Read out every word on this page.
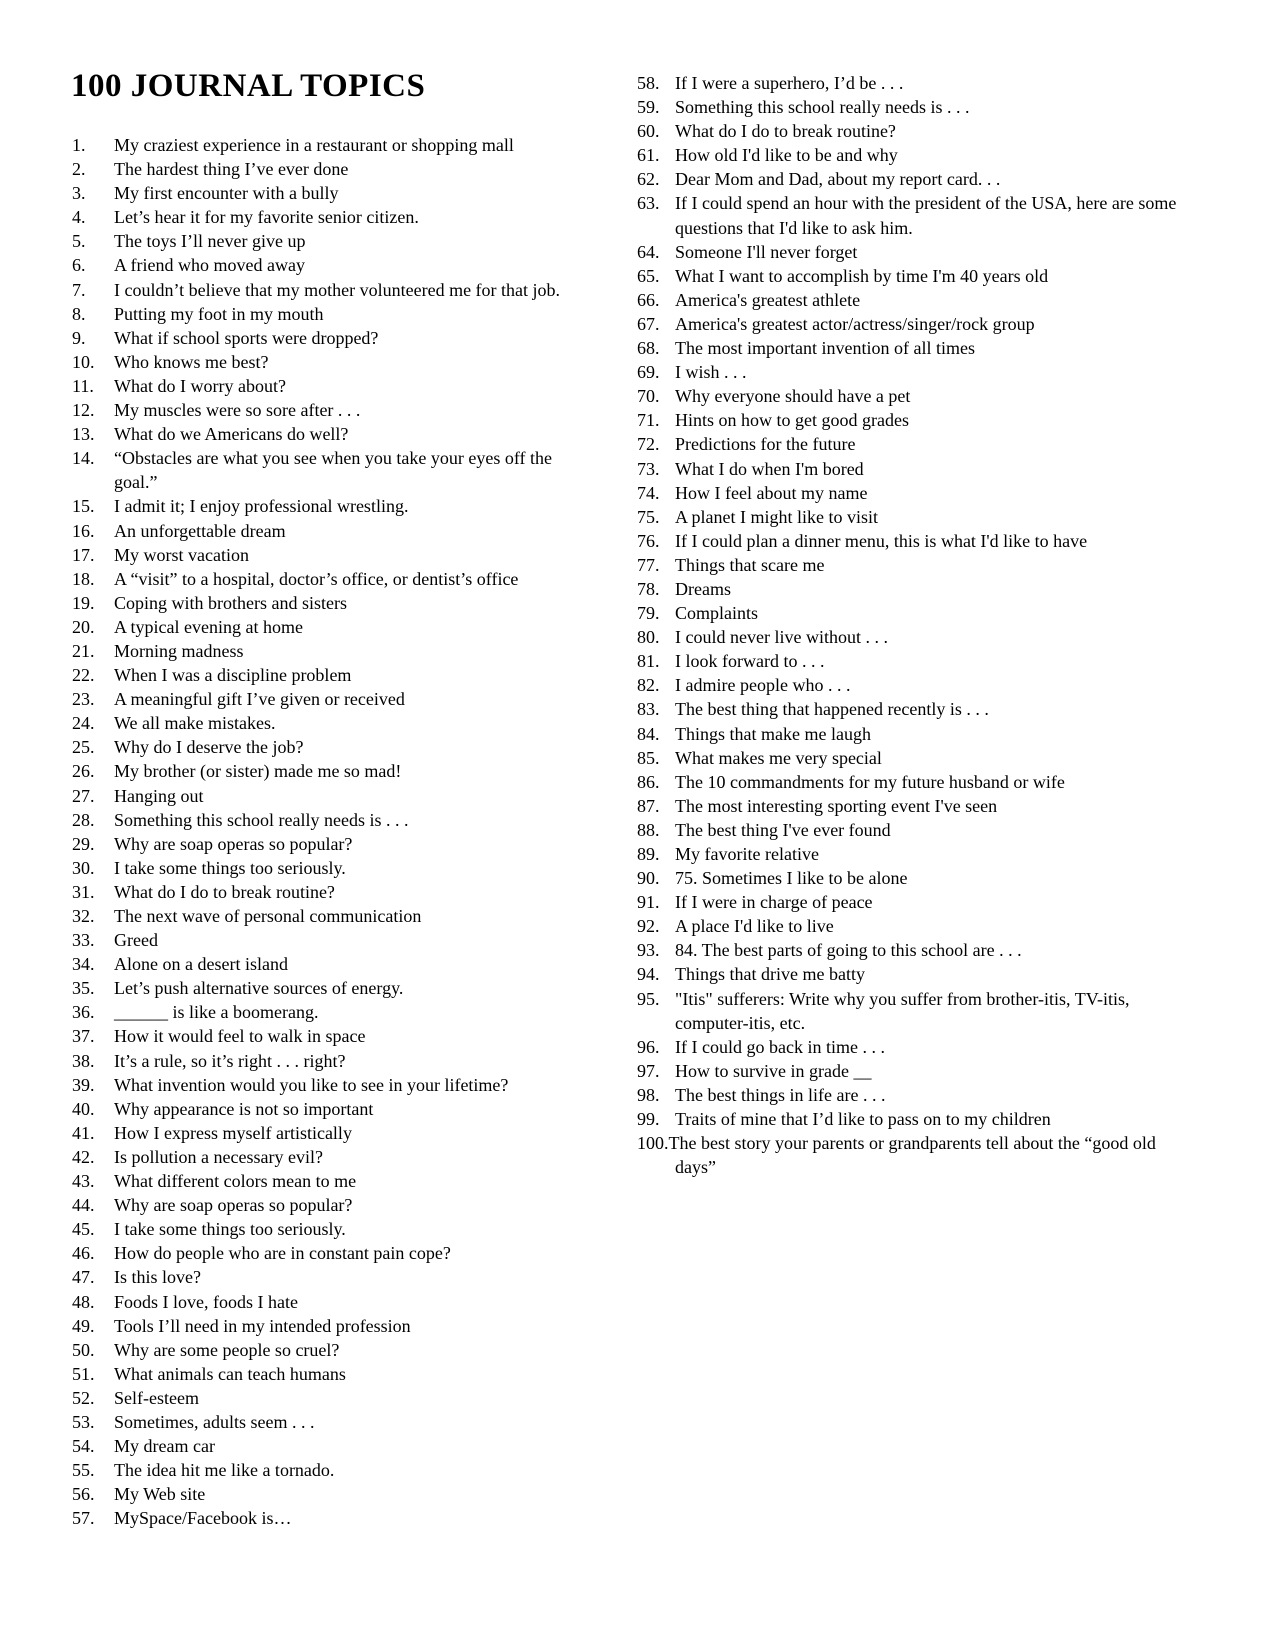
100 JOURNAL TOPICS
1. My craziest experience in a restaurant or shopping mall
2. The hardest thing I’ve ever done
3. My first encounter with a bully
4. Let’s hear it for my favorite senior citizen.
5. The toys I’ll never give up
6. A friend who moved away
7. I couldn’t believe that my mother volunteered me for that job.
8. Putting my foot in my mouth
9. What if school sports were dropped?
10. Who knows me best?
11. What do I worry about?
12. My muscles were so sore after . . .
13. What do we Americans do well?
14. “Obstacles are what you see when you take your eyes off the goal.”
15. I admit it; I enjoy professional wrestling.
16. An unforgettable dream
17. My worst vacation
18. A “visit” to a hospital, doctor’s office, or dentist’s office
19. Coping with brothers and sisters
20. A typical evening at home
21. Morning madness
22. When I was a discipline problem
23. A meaningful gift I’ve given or received
24. We all make mistakes.
25. Why do I deserve the job?
26. My brother (or sister) made me so mad!
27. Hanging out
28. Something this school really needs is . . .
29. Why are soap operas so popular?
30. I take some things too seriously.
31. What do I do to break routine?
32. The next wave of personal communication
33. Greed
34. Alone on a desert island
35. Let’s push alternative sources of energy.
36. ______ is like a boomerang.
37. How it would feel to walk in space
38. It’s a rule, so it’s right . . . right?
39. What invention would you like to see in your lifetime?
40. Why appearance is not so important
41. How I express myself artistically
42. Is pollution a necessary evil?
43. What different colors mean to me
44. Why are soap operas so popular?
45. I take some things too seriously.
46. How do people who are in constant pain cope?
47. Is this love?
48. Foods I love, foods I hate
49. Tools I’ll need in my intended profession
50. Why are some people so cruel?
51. What animals can teach humans
52. Self-esteem
53. Sometimes, adults seem . . .
54. My dream car
55. The idea hit me like a tornado.
56. My Web site
57. MySpace/Facebook is…
58. If I were a superhero, I’d be . . .
59. Something this school really needs is . . .
60. What do I do to break routine?
61. How old I'd like to be and why
62. Dear Mom and Dad, about my report card. . .
63. If I could spend an hour with the president of the USA, here are some questions that I'd like to ask him.
64. Someone I'll never forget
65. What I want to accomplish by time I'm 40 years old
66. America's greatest athlete
67. America's greatest actor/actress/singer/rock group
68. The most important invention of all times
69. I wish . . .
70. Why everyone should have a pet
71. Hints on how to get good grades
72. Predictions for the future
73. What I do when I'm bored
74. How I feel about my name
75. A planet I might like to visit
76. If I could plan a dinner menu, this is what I'd like to have
77. Things that scare me
78. Dreams
79. Complaints
80. I could never live without . . .
81. I look forward to . . .
82. I admire people who . . .
83. The best thing that happened recently is . . .
84. Things that make me laugh
85. What makes me very special
86. The 10 commandments for my future husband or wife
87. The most interesting sporting event I've seen
88. The best thing I've ever found
89. My favorite relative
90. 75. Sometimes I like to be alone
91. If I were in charge of peace
92. A place I'd like to live
93. 84. The best parts of going to this school are . . .
94. Things that drive me batty
95. "Itis" sufferers: Write why you suffer from brother-itis, TV-itis, computer-itis, etc.
96. If I could go back in time . . .
97. How to survive in grade __
98. The best things in life are . . .
99. Traits of mine that I’d like to pass on to my children
100.The best story your parents or grandparents tell about the “good old days”
